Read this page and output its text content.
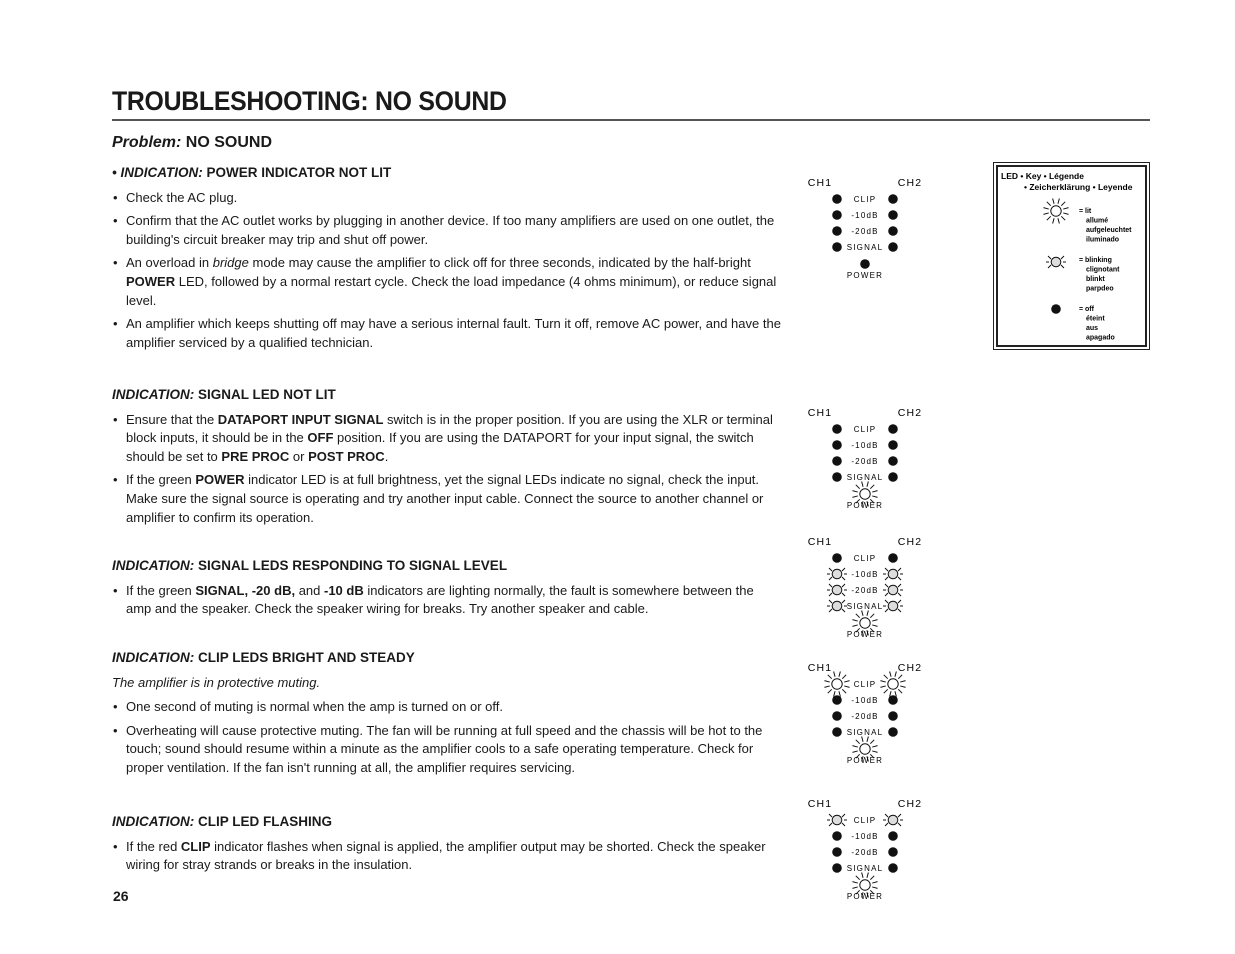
TROUBLESHOOTING: NO SOUND
Problem: NO SOUND
• INDICATION: POWER INDICATOR NOT LIT
• Check the AC plug.
• Confirm that the AC outlet works by plugging in another device. If too many amplifiers are used on one outlet, the building's circuit breaker may trip and shut off power.
• An overload in bridge mode may cause the amplifier to click off for three seconds, indicated by the half-bright POWER LED, followed by a normal restart cycle. Check the load impedance (4 ohms minimum), or reduce signal level.
• An amplifier which keeps shutting off may have a serious internal fault. Turn it off, remove AC power, and have the amplifier serviced by a qualified technician.
INDICATION: SIGNAL LED NOT LIT
• Ensure that the DATAPORT INPUT SIGNAL switch is in the proper position. If you are using the XLR or terminal block inputs, it should be in the OFF position. If you are using the DATAPORT for your input signal, the switch should be set to PRE PROC or POST PROC.
• If the green POWER indicator LED is at full brightness, yet the signal LEDs indicate no signal, check the input. Make sure the signal source is operating and try another input cable. Connect the source to another channel or amplifier to confirm its operation.
INDICATION: SIGNAL LEDS RESPONDING TO SIGNAL LEVEL
• If the green SIGNAL, -20 dB, and -10 dB indicators are lighting normally, the fault is somewhere between the amp and the speaker. Check the speaker wiring for breaks. Try another speaker and cable.
INDICATION: CLIP LEDS BRIGHT AND STEADY
The amplifier is in protective muting.
• One second of muting is normal when the amp is turned on or off.
• Overheating will cause protective muting. The fan will be running at full speed and the chassis will be hot to the touch; sound should resume within a minute as the amplifier cools to a safe operating temperature. Check for proper ventilation. If the fan isn't running at all, the amplifier requires servicing.
INDICATION: CLIP LED FLASHING
• If the red CLIP indicator flashes when signal is applied, the amplifier output may be shorted. Check the speaker wiring for stray strands or breaks in the insulation.
26
CH1	CH2
CLIP
-10dB
-20dB
SIGNAL
POWER
CH1	CH2
CLIP
-10dB
-20dB
SIGNAL
POWER
CH1	CH2
CLIP
-10dB
-20dB
SIGNAL
POWER
CH1	CH2
CLIP
-10dB
-20dB
SIGNAL
POWER
CH1	CH2
CLIP
-10dB
-20dB
SIGNAL
POWER
LED • Key • Légende
• Zeicherklärung • Leyende
= lit
allumé
aufgeleuchtet
iluminado
= blinking
clignotant
blinkt
parpdeo
= off
éteint
aus
apagado
